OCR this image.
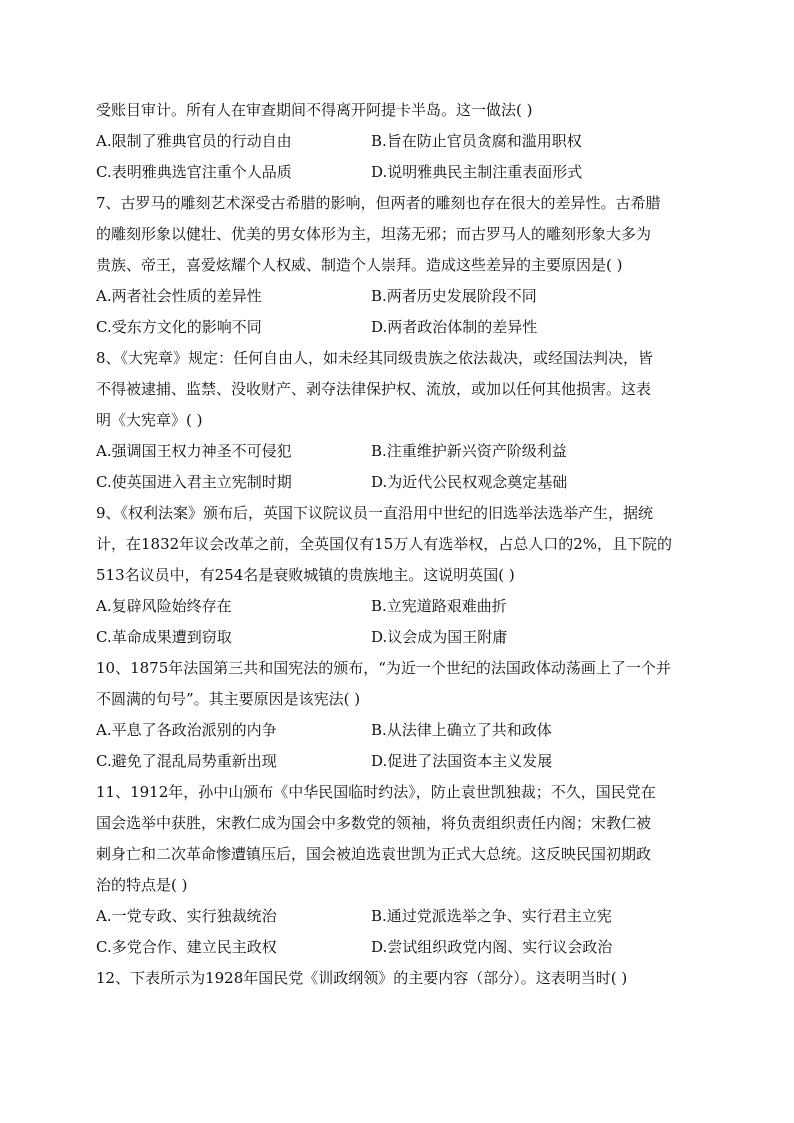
受账目审计。所有人在审查期间不得离开阿提卡半岛。这一做法( )
A.限制了雅典官员的行动自由	B.旨在防止官员贪腐和滥用职权
C.表明雅典选官注重个人品质	D.说明雅典民主制注重表面形式
7、古罗马的雕刻艺术深受古希腊的影响，但两者的雕刻也存在很大的差异性。古希腊
的雕刻形象以健壮、优美的男女体形为主，坦荡无邪；而古罗马人的雕刻形象大多为
贵族、帝王，喜爱炫耀个人权威、制造个人崇拜。造成这些差异的主要原因是( )
A.两者社会性质的差异性	B.两者历史发展阶段不同
C.受东方文化的影响不同	D.两者政治体制的差异性
8、《大宪章》规定：任何自由人，如未经其同级贵族之依法裁决，或经国法判决，皆
不得被逮捕、监禁、没收财产、剥夺法律保护权、流放，或加以任何其他损害。这表
明《大宪章》( )
A.强调国王权力神圣不可侵犯	B.注重维护新兴资产阶级利益
C.使英国进入君主立宪制时期	D.为近代公民权观念奠定基础
9、《权利法案》颁布后，英国下议院议员一直沿用中世纪的旧选举法选举产生，据统
计，在1832年议会改革之前，全英国仅有15万人有选举权，占总人口的2%，且下院的
513名议员中，有254名是衰败城镇的贵族地主。这说明英国( )
A.复辟风险始终存在	B.立宪道路艰难曲折
C.革命成果遭到窃取	D.议会成为国王附庸
10、1875年法国第三共和国宪法的颁布，“为近一个世纪的法国政体动荡画上了一个并
不圆满的句号”。其主要原因是该宪法( )
A.平息了各政治派别的内争	B.从法律上确立了共和政体
C.避免了混乱局势重新出现	D.促进了法国资本主义发展
11、1912年，孙中山颁布《中华民国临时约法》，防止袁世凯独裁；不久，国民党在
国会选举中获胜，宋教仁成为国会中多数党的领袖，将负责组织责任内阁；宋教仁被
刺身亡和二次革命惨遭镇压后，国会被迫选袁世凯为正式大总统。这反映民国初期政
治的特点是( )
A.一党专政、实行独裁统治	B.通过党派选举之争、实行君主立宪
C.多党合作、建立民主政权	D.尝试组织政党内阁、实行议会政治
12、下表所示为1928年国民党《训政纲领》的主要内容（部分）。这表明当时( )
